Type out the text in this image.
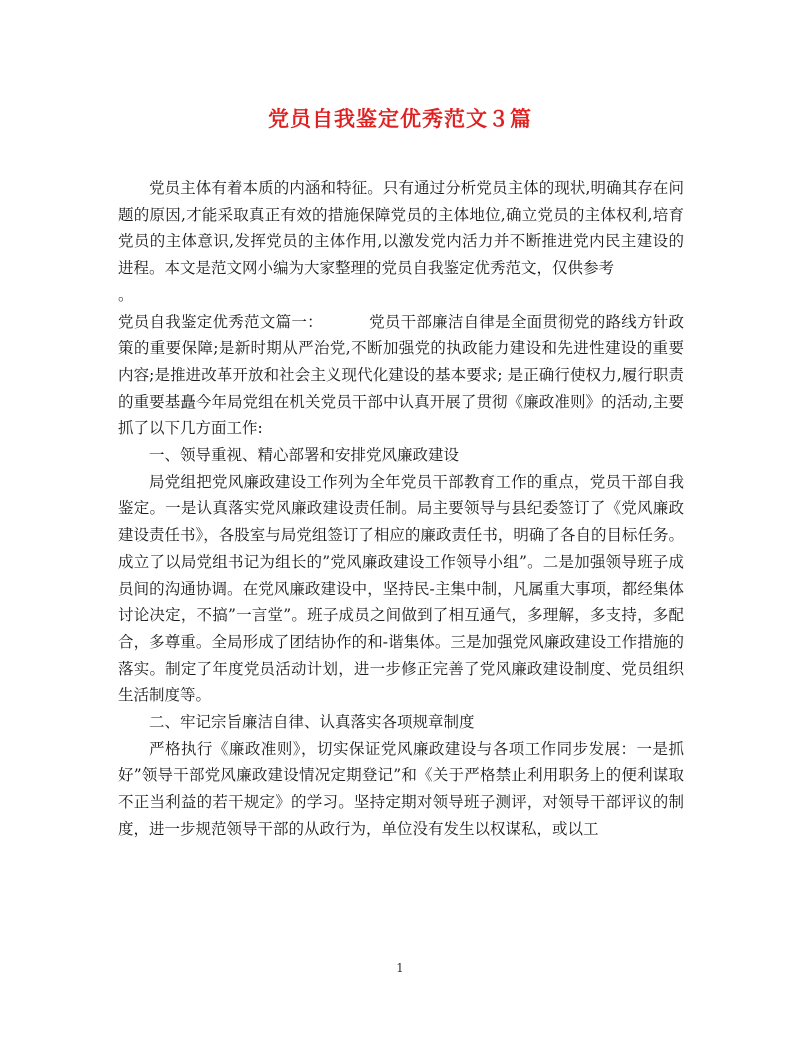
党员自我鉴定优秀范文３篇

党员主体有着本质的内涵和特征。只有通过分析党员主体的现状,明确其存在问题的原因,才能采取真正有效的措施保障党员的主体地位,确立党员的主体权利,培育党员的主体意识,发挥党员的主体作用,以激发党内活力并不断推进党内民主建设的进程。本文是范文网小编为大家整理的党员自我鉴定优秀范文，仅供参考

。

党员自我鉴定优秀范文篇一：	党员干部廉洁自律是全面贯彻党的路线方针政策的重要保障;是新时期从严治党,不断加强党的执政能力建设和先进性建设的重要内容;是推进改革开放和社会主义现代化建设的基本要求; 是正确行使权力,履行职责的重要基矗今年局党组在机关党员干部中认真开展了贯彻《廉政准则》的活动,主要抓了以下几方面工作:

一、领导重视、精心部署和安排党风廉政建设

局党组把党风廉政建设工作列为全年党员干部教育工作的重点，党员干部自我鉴定。一是认真落实党风廉政建设责任制。局主要领导与县纪委签订了《党风廉政建设责任书》，各股室与局党组签订了相应的廉政责任书，明确了各自的目标任务。成立了以局党组书记为组长的”党风廉政建设工作领导小组”。二是加强领导班子成员间的沟通协调。在党风廉政建设中，坚持民-主集中制，凡属重大事项，都经集体讨论决定，不搞”一言堂”。班子成员之间做到了相互通气，多理解，多支持，多配合，多尊重。全局形成了团结协作的和-谐集体。三是加强党风廉政建设工作措施的落实。制定了年度党员活动计划，进一步修正完善了党风廉政建设制度、党员组织生活制度等。

二、牢记宗旨廉洁自律、认真落实各项规章制度

严格执行《廉政准则》，切实保证党风廉政建设与各项工作同步发展：一是抓好”领导干部党风廉政建设情况定期登记”和《关于严格禁止利用职务上的便利谋取不正当利益的若干规定》的学习。坚持定期对领导班子测评，对领导干部评议的制度，进一步规范领导干部的从政行为，单位没有发生以权谋私，或以工

1
